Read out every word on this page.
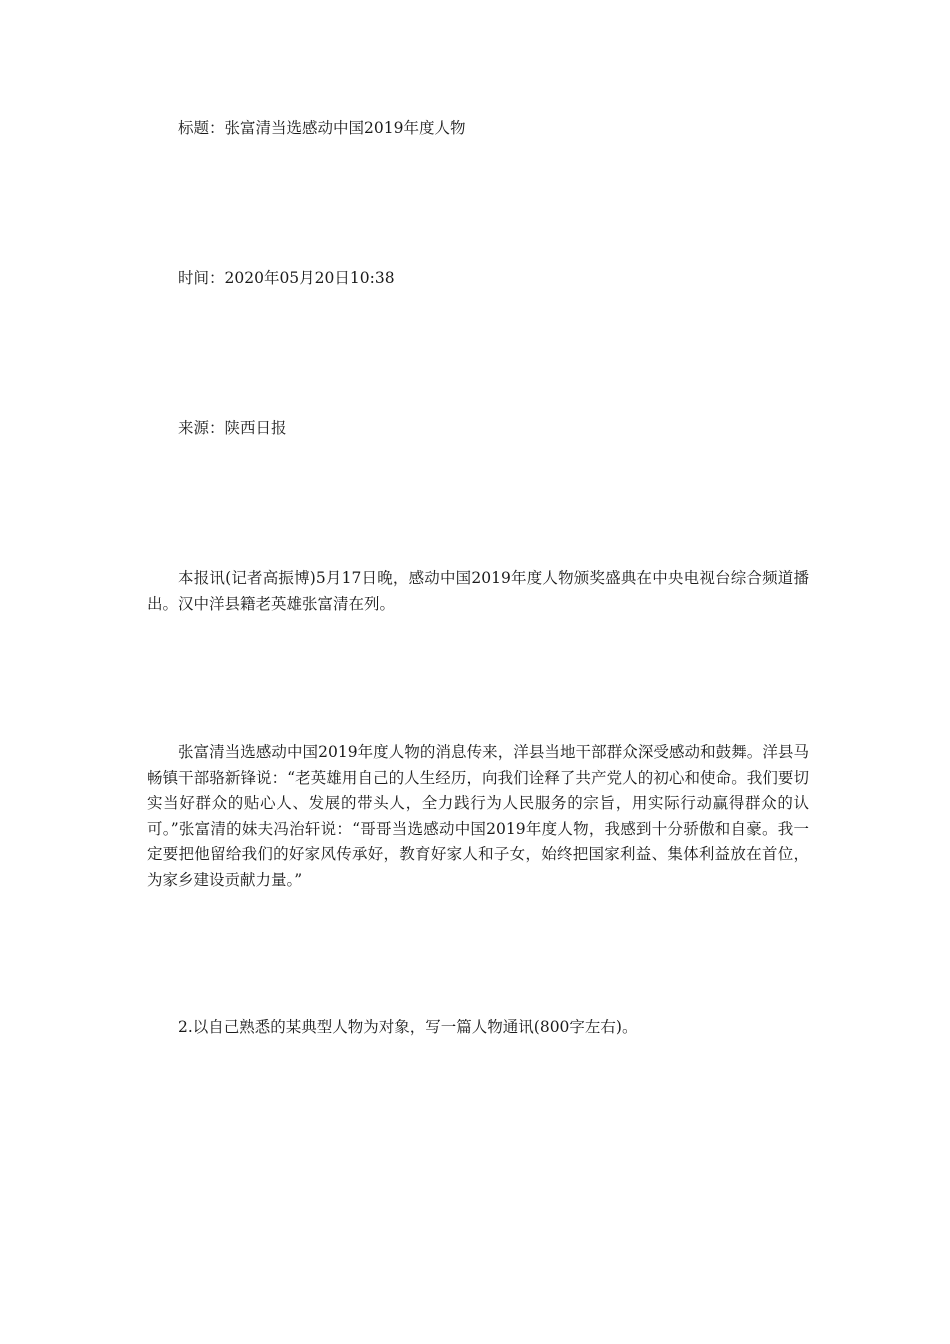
标题：张富清当选感动中国2019年度人物

时间：2020年05月20日10:38

来源：陕西日报

本报讯(记者高振博)5月17日晚，感动中国2019年度人物颁奖盛典在中央电视台综合频道播出。汉中洋县籍老英雄张富清在列。

张富清当选感动中国2019年度人物的消息传来，洋县当地干部群众深受感动和鼓舞。洋县马畅镇干部骆新锋说：“老英雄用自己的人生经历，向我们诠释了共产党人的初心和使命。我们要切实当好群众的贴心人、发展的带头人，全力践行为人民服务的宗旨，用实际行动赢得群众的认可。”张富清的妹夫冯治轩说：“哥哥当选感动中国2019年度人物，我感到十分骄傲和自豪。我一定要把他留给我们的好家风传承好，教育好家人和子女，始终把国家利益、集体利益放在首位，为家乡建设贡献力量。”

2.以自己熟悉的某典型人物为对象，写一篇人物通讯(800字左右)。
